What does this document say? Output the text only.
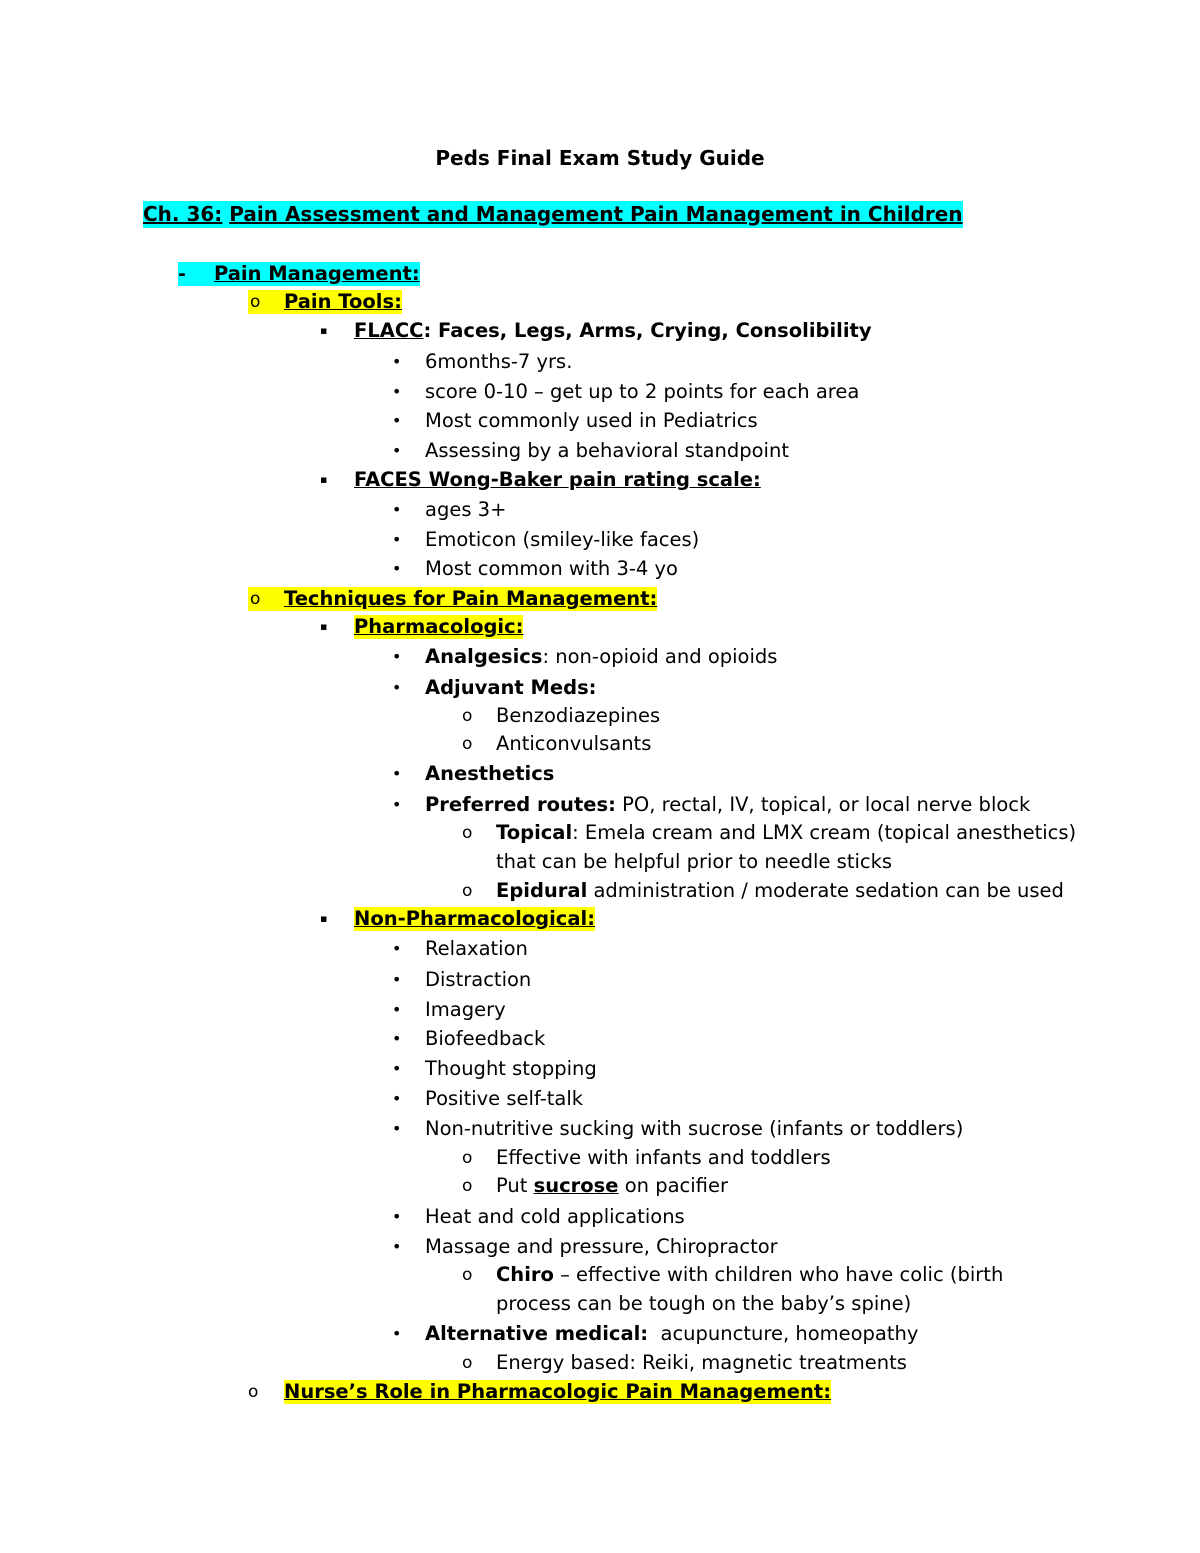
Peds Final Exam Study Guide
Ch. 36: Pain Assessment and Management Pain Management in Children
-	Pain Management:
o	Pain Tools:
▪ FLACC: Faces, Legs, Arms, Crying, Consolibility
• 6months-7 yrs.
• score 0-10 – get up to 2 points for each area
• Most commonly used in Pediatrics
• Assessing by a behavioral standpoint
▪ FACES Wong-Baker pain rating scale:
• ages 3+
• Emoticon (smiley-like faces)
• Most common with 3-4 yo
o	Techniques for Pain Management:
▪ Pharmacologic:
• Analgesics: non-opioid and opioids
• Adjuvant Meds:
o Benzodiazepines
o Anticonvulsants
• Anesthetics
• Preferred routes: PO, rectal, IV, topical, or local nerve block
o Topical: Emela cream and LMX cream (topical anesthetics)
that can be helpful prior to needle sticks
o Epidural administration / moderate sedation can be used
▪ Non-Pharmacological:
• Relaxation
• Distraction
• Imagery
• Biofeedback
• Thought stopping
• Positive self-talk
• Non-nutritive sucking with sucrose (infants or toddlers)
o Effective with infants and toddlers
o Put sucrose on pacifier
• Heat and cold applications
• Massage and pressure, Chiropractor
o Chiro – effective with children who have colic (birth
process can be tough on the baby’s spine)
• Alternative medical:  acupuncture, homeopathy
o Energy based: Reiki, magnetic treatments
o Nurse’s Role in Pharmacologic Pain Management:
